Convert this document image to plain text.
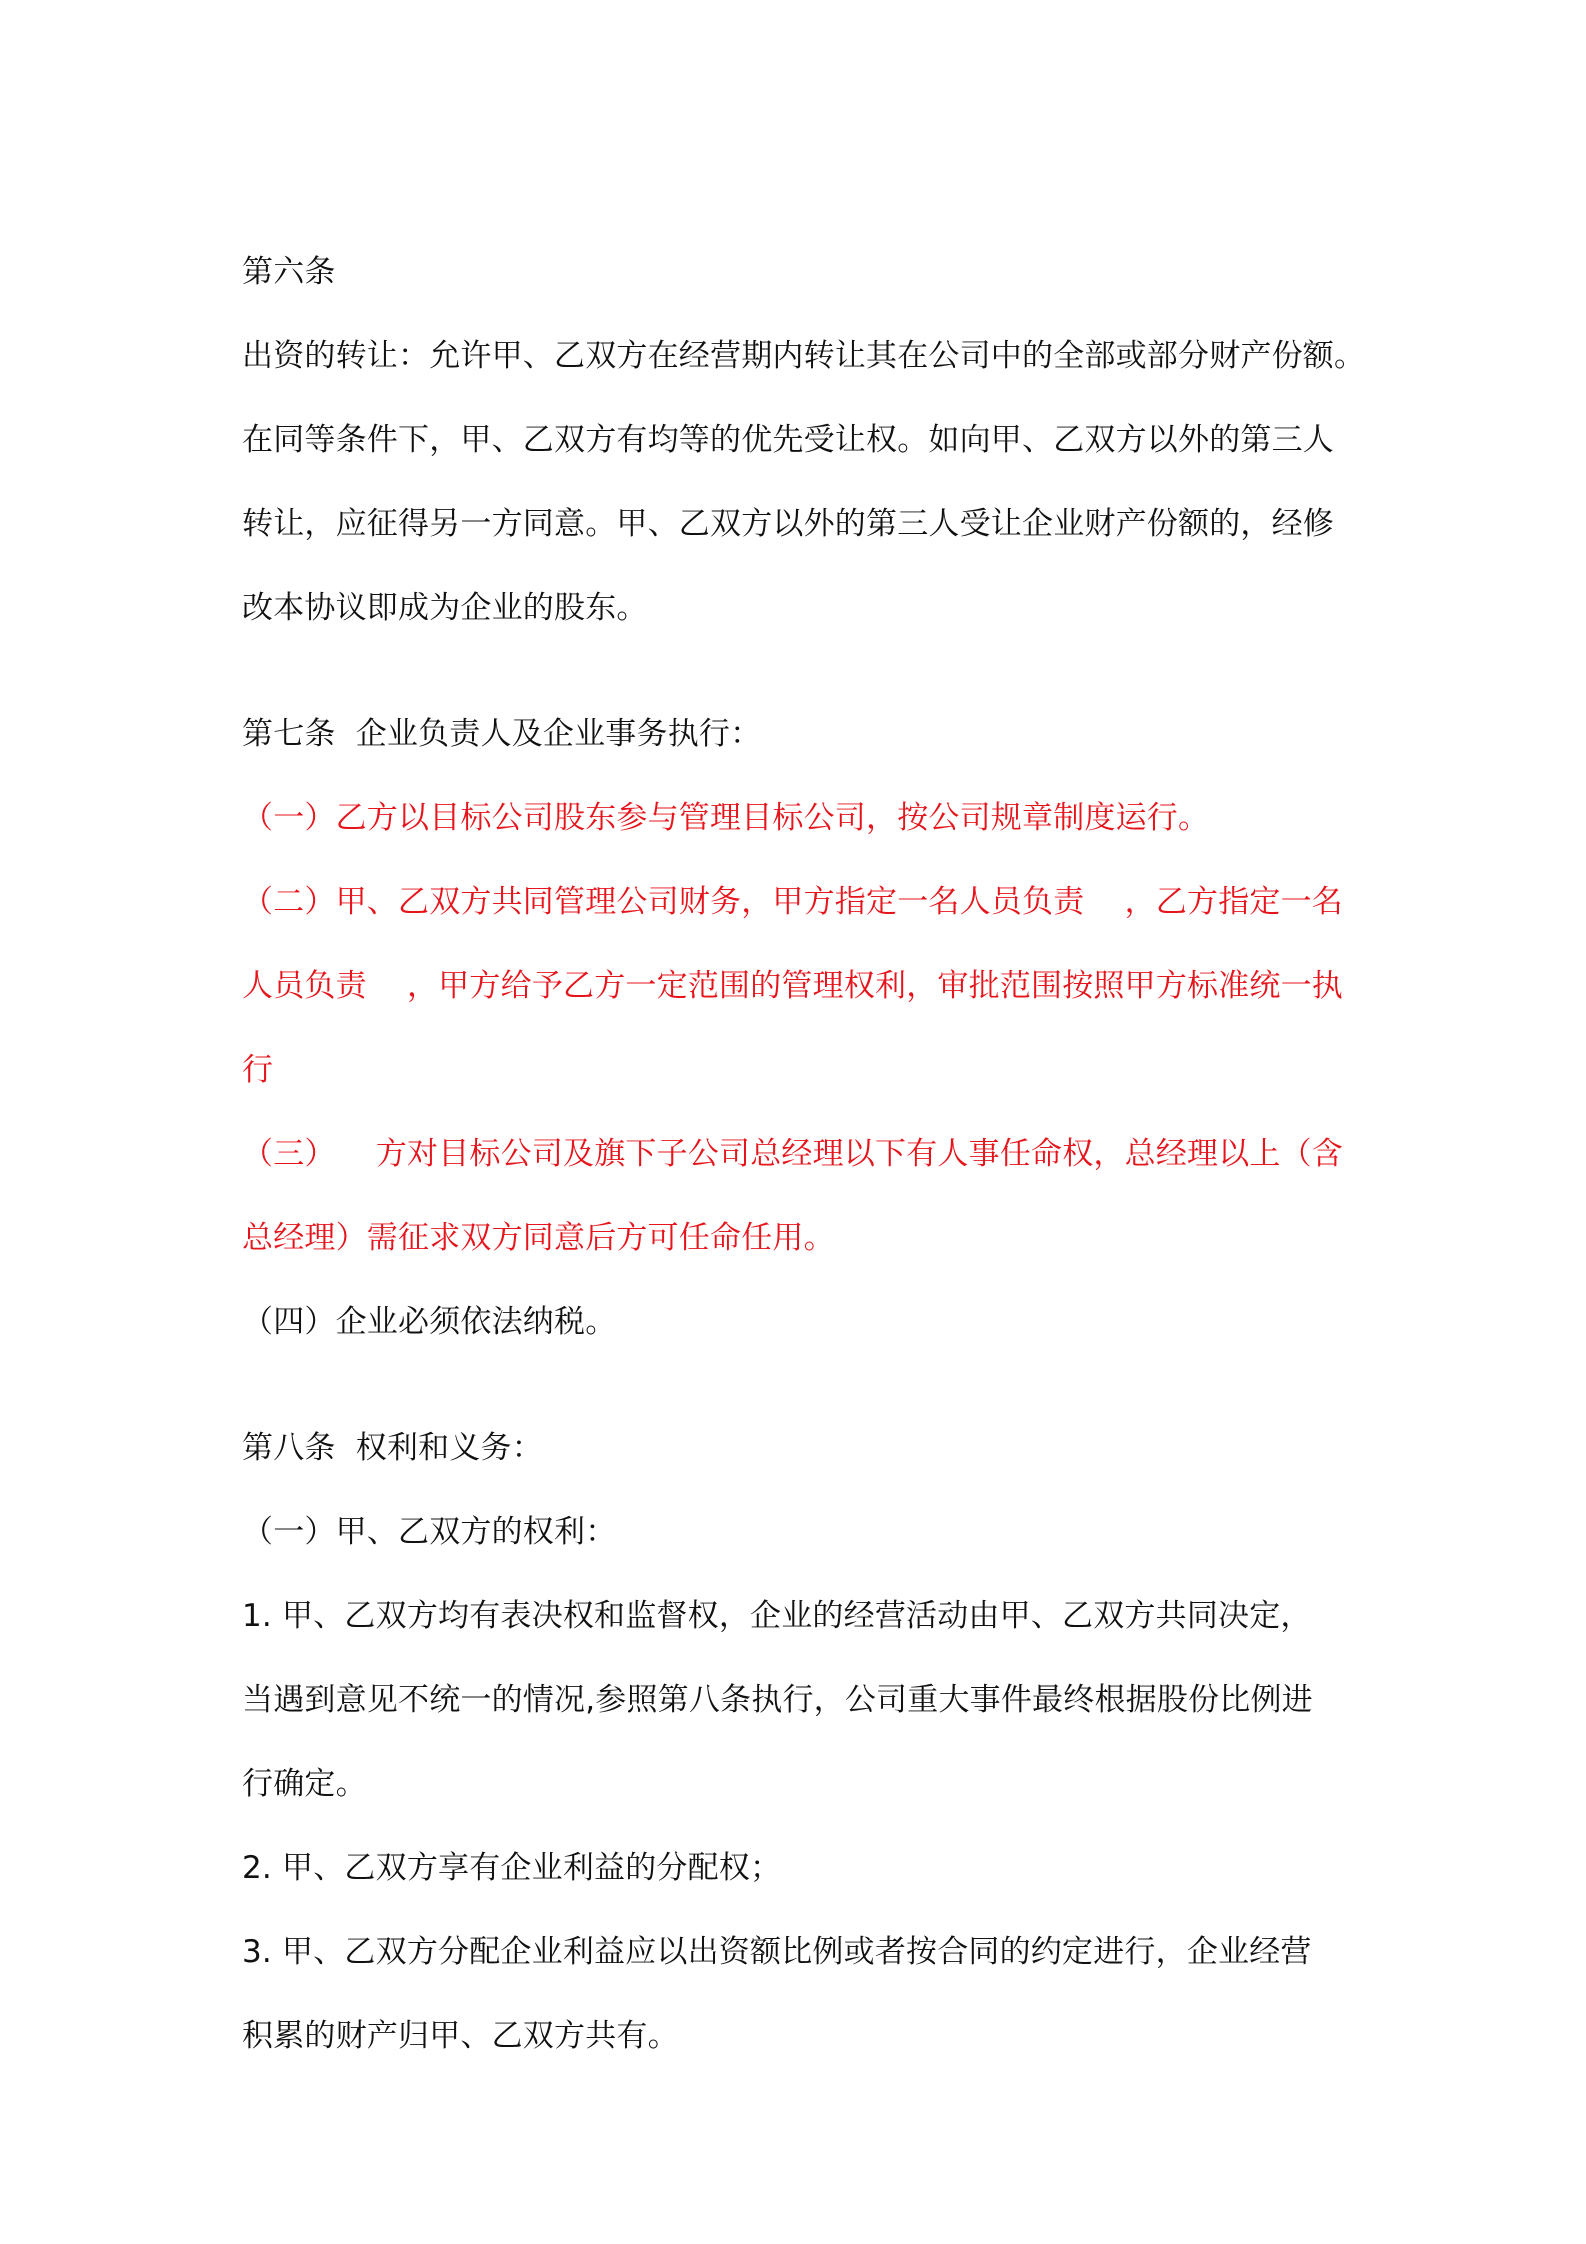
第六条
出资的转让：允许甲、乙双方在经营期内转让其在公司中的全部或部分财产份额。
在同等条件下，甲、乙双方有均等的优先受让权。如向甲、乙双方以外的第三人
转让，应征得另一方同意。甲、乙双方以外的第三人受让企业财产份额的，经修
改本协议即成为企业的股东。
第七条  企业负责人及企业事务执行：
（一）乙方以目标公司股东参与管理目标公司，按公司规章制度运行。
（二）甲、乙双方共同管理公司财务，甲方指定一名人员负责    ，乙方指定一名
人员负责    ，甲方给予乙方一定范围的管理权利，审批范围按照甲方标准统一执
行
（三）    方对目标公司及旗下子公司总经理以下有人事任命权，总经理以上（含
总经理）需征求双方同意后方可任命任用。
（四）企业必须依法纳税。
第八条  权利和义务：
（一）甲、乙双方的权利：
1. 甲、乙双方均有表决权和监督权，企业的经营活动由甲、乙双方共同决定，
当遇到意见不统一的情况,参照第八条执行，公司重大事件最终根据股份比例进
行确定。
2. 甲、乙双方享有企业利益的分配权；
3. 甲、乙双方分配企业利益应以出资额比例或者按合同的约定进行，企业经营
积累的财产归甲、乙双方共有。
